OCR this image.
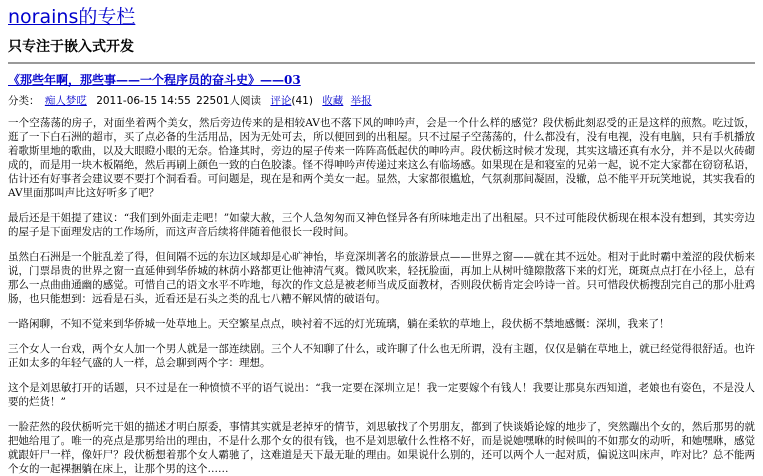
norains的专栏
只专注于嵌入式开发
《那些年啊，那些事——一个程序员的奋斗史》——03
分类： 痴人梦呓 2011-06-15 14:55 22501人阅读 评论(41) 收藏 举报

一个空荡荡的房子，对面坐着两个美女，然后旁边传来的是相较AV也不落下风的呻吟声，会是一个什么样的感觉？段伏栃此刻忍受的正是这样的煎熬。吃过饭，逛了一下白石洲的超市，买了点必备的生活用品，因为无处可去，所以便回到的出租屋。只不过屋子空荡荡的，什么都没有，没有电视，没有电脑，只有手机播放着歌斯里地的歌曲，以及大眼瞪小眼的无奈。恰逢其时，旁边的屋子传来一阵阵高低起伏的呻吟声。段伏栃这时候才发现，其实这墙还真有水分，并不是以火砖砌成的，而是用一块木板隔绝，然后再刷上颜色一致的白色胶漆。怪不得呻吟声传递过来这么有临场感。如果现在是和寝室的兄弟一起，说不定大家都在窃窃私语，估计还有好事者会建议要不要打个洞看看。可问题是，现在是和两个美女一起。显然，大家都很尴尬，气氛刹那间凝固，没辙，总不能平开玩笑地说，其实我看的AV里面那叫声比这好听多了吧？

最后还是干姐提了建议：“我们到外面走走吧！”如蒙大赦，三个人急匆匆而又神色怪异各有所味地走出了出租屋。只不过可能段伏栃现在根本没有想到，其实旁边的屋子是下面理发店的工作场所，而这声音后续将伴随着他很长一段时间。

虽然白石洲是一个脏乱差了得，但间隔不远的东边区域却是心旷神怡，毕竟深圳著名的旅游景点——世界之窗——就在其不远处。相对于此时霸中羞涩的段伏栃来说，门票昂贵的世界之窗一直延伸到华侨城的林荫小路都更让他神清气爽。微风吹来，轻抚脸面，再加上从树叶缝隙散落下来的灯光，斑斑点点打在小径上，总有那么一点曲曲通幽的感觉。可惜自己的语文水平不咋地，每次的作文总是被老师当成反面教材，否则段伏栃肯定会吟诗一首。只可惜段伏栃搜刮完自己的那小肚鸡肠，也只能想到：远看是石头，近看还是石头之类的乱七八糟不解风情的破语句。

一路闲聊，不知不觉来到华侨城一处草地上。天空繁星点点，映衬着不远的灯光琉璃，躺在柔软的草地上，段伏栃不禁地感慨：深圳，我来了！

三个女人一台戏，两个女人加一个男人就是一部连续剧。三个人不知聊了什么，或许聊了什么也无所谓，没有主题，仅仅是躺在草地上，就已经觉得很舒适。也许正如太多的年轻气盛的人一样，总会聊到两个字：理想。

这个是刘思敏打开的话题，只不过是在一种愤愤不平的语气说出：“我一定要在深圳立足！我一定要嫁个有钱人！我要让那臭东西知道，老娘也有姿色，不是没人要的烂货！”

一脸茫然的段伏栃听完干姐的描述才明白原委，事情其实就是老掉牙的情节，刘思敏找了个男朋友，都到了快谈婚论嫁的地步了，突然蹦出个女的，然后那男的就把她给甩了。唯一的亮点是那男给出的理由，不是什么那个女的很有钱，也不是刘思敏什么性格不好，而是说她嘿咻的时候叫的不如那女的动听，和她嘿咻，感觉就跟奸尸一样，像奸尸？段伏栃想着那个女人霸驰了，这难道是天下最无耻的理由。如果说什么别的，还可以两个人一起对质，偏说这叫床声，咋对比？总不能两个女的一起裸捆躺在床上，让那个男的这个……
